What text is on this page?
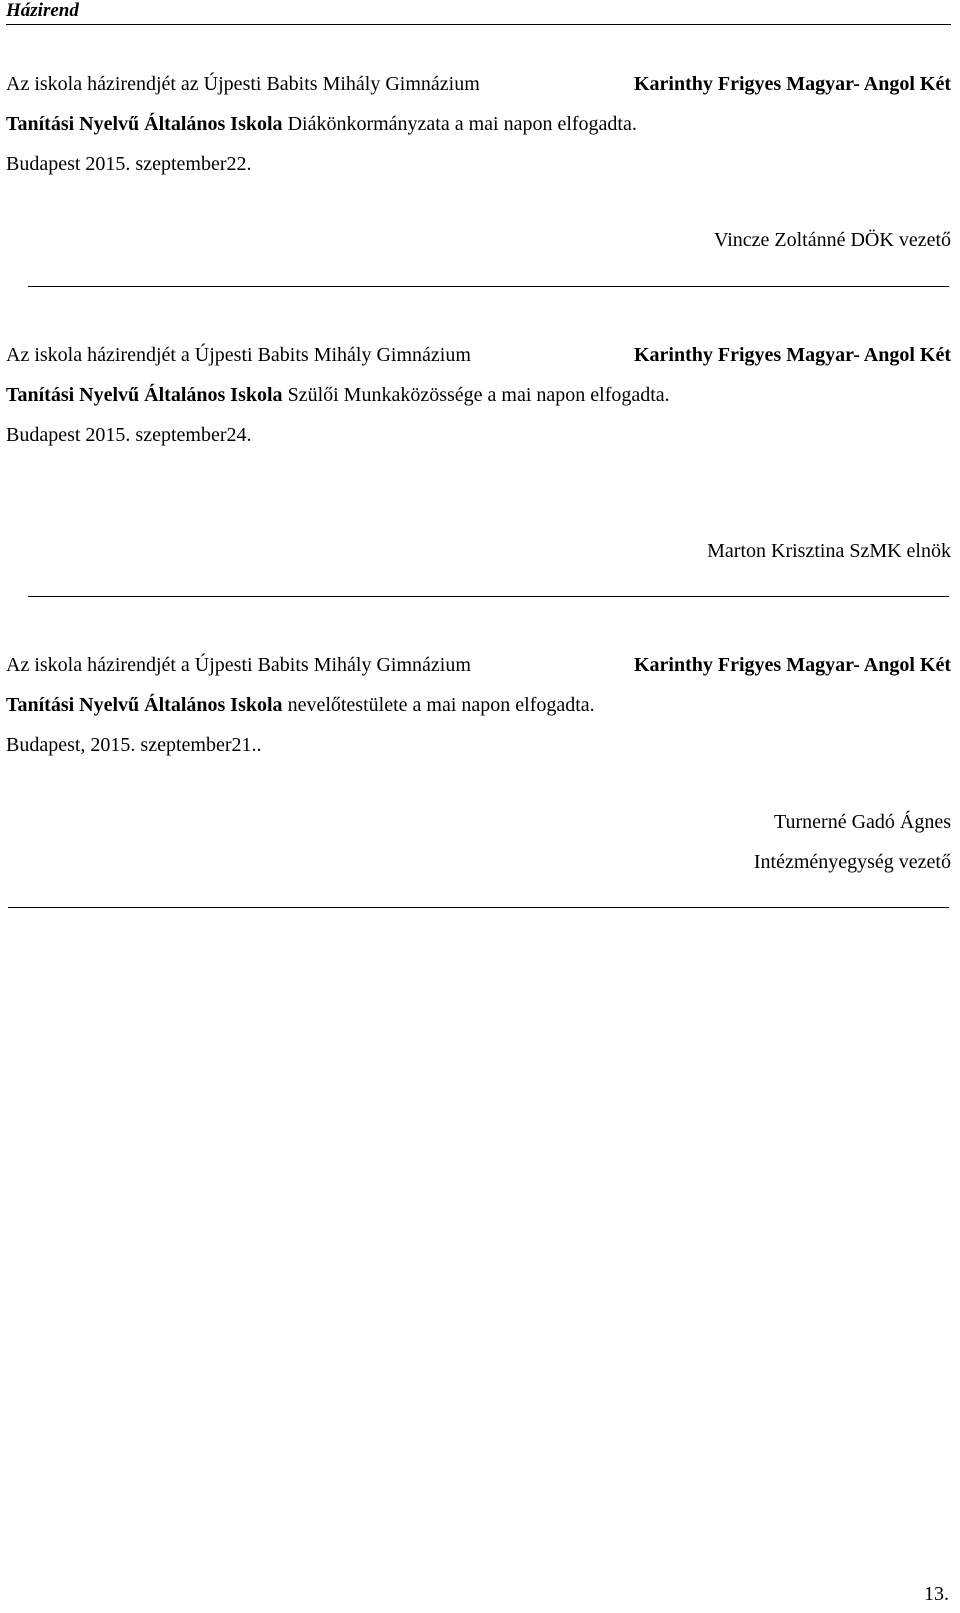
Házirend
Az iskola házirendjét az Újpesti Babits Mihály Gimnázium	Karinthy Frigyes Magyar- Angol Két
Tanítási Nyelvű Általános Iskola Diákönkormányzata a mai napon elfogadta.
Budapest 2015. szeptember22.
Vincze Zoltánné DÖK vezető
Az iskola házirendjét a Újpesti Babits Mihály Gimnázium	Karinthy Frigyes Magyar- Angol Két
Tanítási Nyelvű Általános Iskola Szülői Munkaközössége a mai napon elfogadta.
Budapest 2015. szeptember24.
Marton Krisztina SzMK elnök
Az iskola házirendjét a Újpesti Babits Mihály Gimnázium	Karinthy Frigyes Magyar- Angol Két
Tanítási Nyelvű Általános Iskola nevelőtestülete a mai napon elfogadta.
Budapest, 2015. szeptember21..
Turnerné Gadó Ágnes
Intézményegység vezető
13.
